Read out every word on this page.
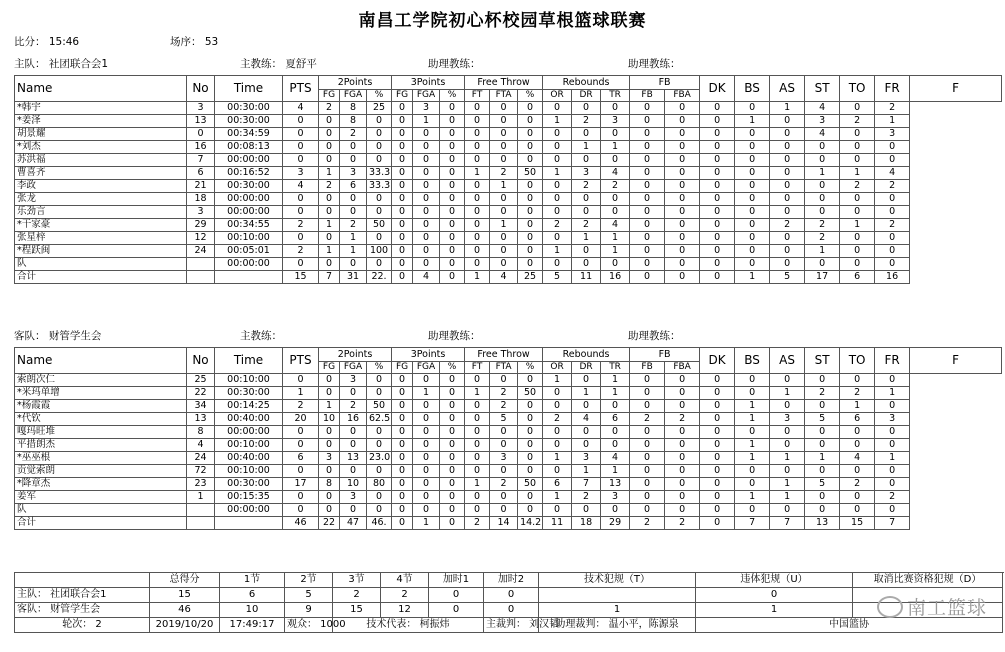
南昌工学院初心杯校园草根篮球联赛
比分： 15:46	场序： 53
主队： 社团联合会1	主教练： 夏舒平	助理教练：	助理教练：
Name	No	Time	PTS	2Points			3Points			Free Throw			Rebounds			FB		DK	BS	AS	ST	TO	FR	F
				FG	FGA	%	FG	FGA	%	FT	FTA	%	OR	DR	TR	FB	FBA							
*韩宇	3	00:30:00	4	2	8	25	0	3	0	0	0	0	0	0	0	0	0	0	0	1	4	0	2	
*姜泽	13	00:30:00	0	0	8	0	0	1	0	0	0	0	1	2	3	0	0	0	1	0	3	2	1	
胡景耀	0	00:34:59	0	0	2	0	0	0	0	0	0	0	0	0	0	0	0	0	0	0	4	0	3	
*刘杰	16	00:08:13	0	0	0	0	0	0	0	0	0	0	0	1	1	0	0	0	0	0	0	0	0	
苏洪福	7	00:00:00	0	0	0	0	0	0	0	0	0	0	0	0	0	0	0	0	0	0	0	0	0	
曹喜齐	6	00:16:52	3	1	3	33.3	0	0	0	1	2	50	1	3	4	0	0	0	0	0	1	1	4	
李政	21	00:30:00	4	2	6	33.3	0	0	0	0	1	0	0	2	2	0	0	0	0	0	0	2	2	
张龙	18	00:00:00	0	0	0	0	0	0	0	0	0	0	0	0	0	0	0	0	0	0	0	0	0	
乐劲言	3	00:00:00	0	0	0	0	0	0	0	0	0	0	0	0	0	0	0	0	0	0	0	0	0	
*干家豪	29	00:34:55	2	1	2	50	0	0	0	0	1	0	2	2	4	0	0	0	0	2	2	1	2	
张星梓	12	00:10:00	0	0	1	0	0	0	0	0	0	0	0	1	1	0	0	0	0	0	2	0	0	
*程跃闽	24	00:05:01	2	1	1	100	0	0	0	0	0	0	1	0	1	0	0	0	0	0	1	0	0	
队		00:00:00	0	0	0	0	0	0	0	0	0	0	0	0	0	0	0	0	0	0	0	0	0	
合计			15	7	31	22.	0	4	0	1	4	25	5	11	16	0	0	0	1	5	17	6	16	
客队： 财管学生会	主教练：	助理教练：	助理教练：
Name	No	Time	PTS	2Points			3Points			Free Throw			Rebounds			FB		DK	BS	AS	ST	TO	FR	F
				FG	FGA	%	FG	FGA	%	FT	FTA	%	OR	DR	TR	FB	FBA							
索朗次仁	25	00:10:00	0	0	3	0	0	0	0	0	0	0	1	0	1	0	0	0	0	0	0	0	0	
*米玛单增	22	00:30:00	1	0	0	0	0	1	0	1	2	50	0	1	1	0	0	0	0	1	2	2	1	
*杨霞霞	34	00:14:25	2	1	2	50	0	0	0	0	2	0	0	0	0	0	0	0	1	0	0	1	0	
*代钦	13	00:40:00	20	10	16	62.5	0	0	0	0	5	0	2	4	6	2	2	0	1	3	5	6	3	
嘎玛旺堆	8	00:00:00	0	0	0	0	0	0	0	0	0	0	0	0	0	0	0	0	0	0	0	0	0	
平措朗杰	4	00:10:00	0	0	0	0	0	0	0	0	0	0	0	0	0	0	0	0	1	0	0	0	0	
*巫巫根	24	00:40:00	6	3	13	23.0	0	0	0	0	3	0	1	3	4	0	0	0	1	1	1	4	1	
贡觉索朗	72	00:10:00	0	0	0	0	0	0	0	0	0	0	0	1	1	0	0	0	0	0	0	0	0	
*降章杰	23	00:30:00	17	8	10	80	0	0	0	1	2	50	6	7	13	0	0	0	0	1	5	2	0	
姜军	1	00:15:35	0	0	3	0	0	0	0	0	0	0	1	2	3	0	0	0	1	1	0	0	2	
队		00:00:00	0	0	0	0	0	0	0	0	0	0	0	0	0	0	0	0	0	0	0	0	0	
合计			46	22	47	46.	0	1	0	2	14	14.2	11	18	29	2	2	0	7	7	13	15	7	
	总得分	1节	2节	3节	4节	加时1	加时2	技术犯规（T）	违体犯规（U）	取消比赛资格犯规（D）
主队： 社团联合会1	15	6	5	2	2	0	0		0	
客队： 财管学生会	46	10	9	15	12	0	0	1	1	
轮次： 2	2019/10/20	17:49:17	观众： 1000	技术代表： 柯振炜			主裁判： 刘汉韬	助理裁判： 温小平，陈源泉	中国篮协	
南工篮球
